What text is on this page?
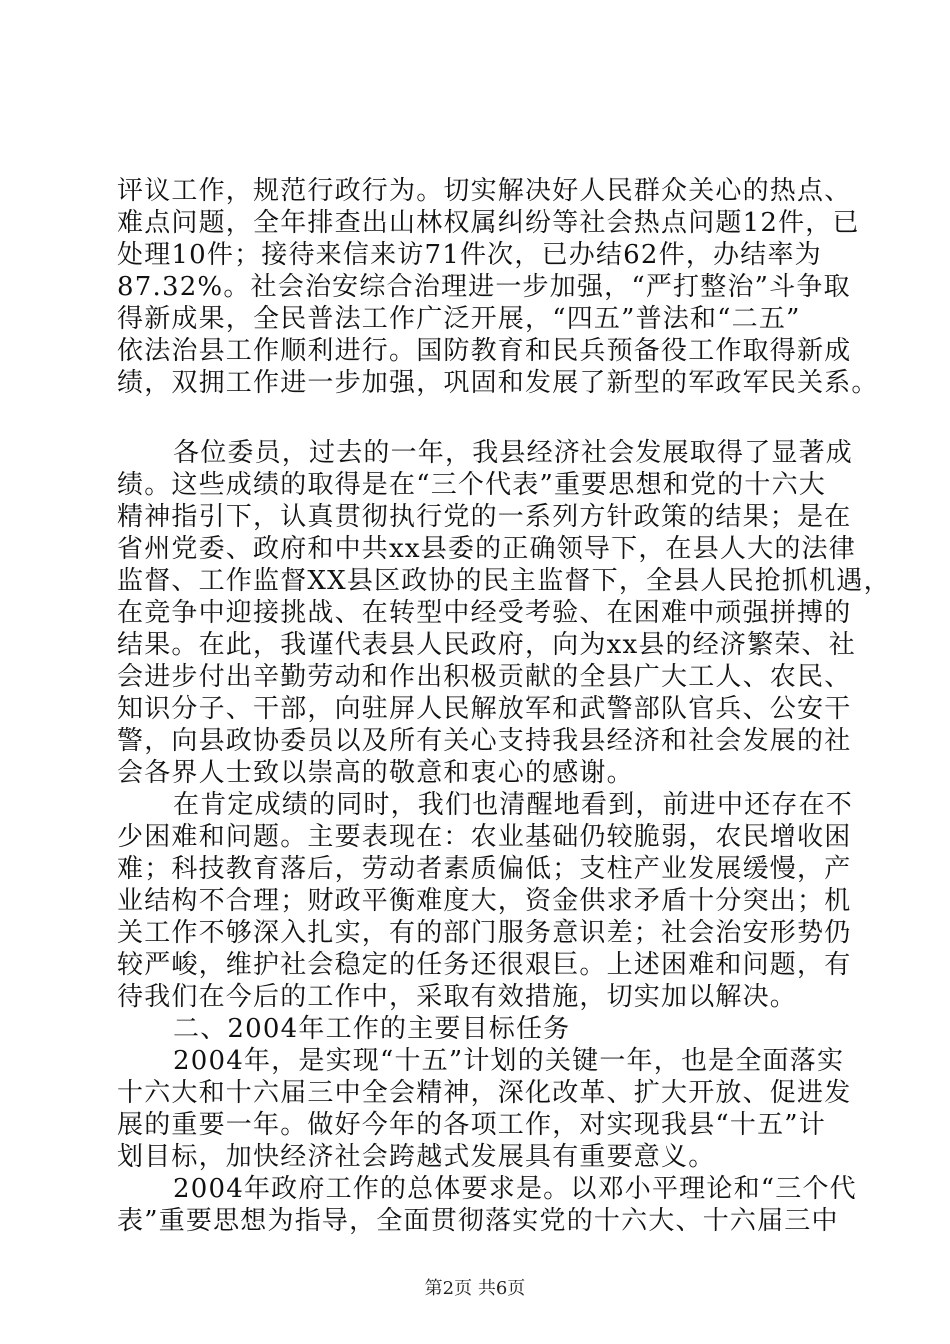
评议工作，规范行政行为。切实解决好人民群众关心的热点、
难点问题，全年排查出山林权属纠纷等社会热点问题12件，已
处理10件；接待来信来访71件次，已办结62件，办结率为
87.32%。社会治安综合治理进一步加强，“严打整治”斗争取
得新成果，全民普法工作广泛开展，“四五”普法和“二五”
依法治县工作顺利进行。国防教育和民兵预备役工作取得新成
绩，双拥工作进一步加强，巩固和发展了新型的军政军民关系。
各位委员，过去的一年，我县经济社会发展取得了显著成
绩。这些成绩的取得是在“三个代表”重要思想和党的十六大
精神指引下，认真贯彻执行党的一系列方针政策的结果；是在
省州党委、政府和中共xx县委的正确领导下，在县人大的法律
监督、工作监督XX县区政协的民主监督下，全县人民抢抓机遇，
在竞争中迎接挑战、在转型中经受考验、在困难中顽强拼搏的
结果。在此，我谨代表县人民政府，向为xx县的经济繁荣、社
会进步付出辛勤劳动和作出积极贡献的全县广大工人、农民、
知识分子、干部，向驻屏人民解放军和武警部队官兵、公安干
警，向县政协委员以及所有关心支持我县经济和社会发展的社
会各界人士致以崇高的敬意和衷心的感谢。
在肯定成绩的同时，我们也清醒地看到，前进中还存在不
少困难和问题。主要表现在：农业基础仍较脆弱，农民增收困
难；科技教育落后，劳动者素质偏低；支柱产业发展缓慢，产
业结构不合理；财政平衡难度大，资金供求矛盾十分突出；机
关工作不够深入扎实，有的部门服务意识差；社会治安形势仍
较严峻，维护社会稳定的任务还很艰巨。上述困难和问题，有
待我们在今后的工作中，采取有效措施，切实加以解决。
二、2004年工作的主要目标任务
2004年，是实现“十五”计划的关键一年，也是全面落实
十六大和十六届三中全会精神，深化改革、扩大开放、促进发
展的重要一年。做好今年的各项工作，对实现我县“十五”计
划目标，加快经济社会跨越式发展具有重要意义。
2004年政府工作的总体要求是。以邓小平理论和“三个代
表”重要思想为指导，全面贯彻落实党的十六大、十六届三中
第2页 共6页
